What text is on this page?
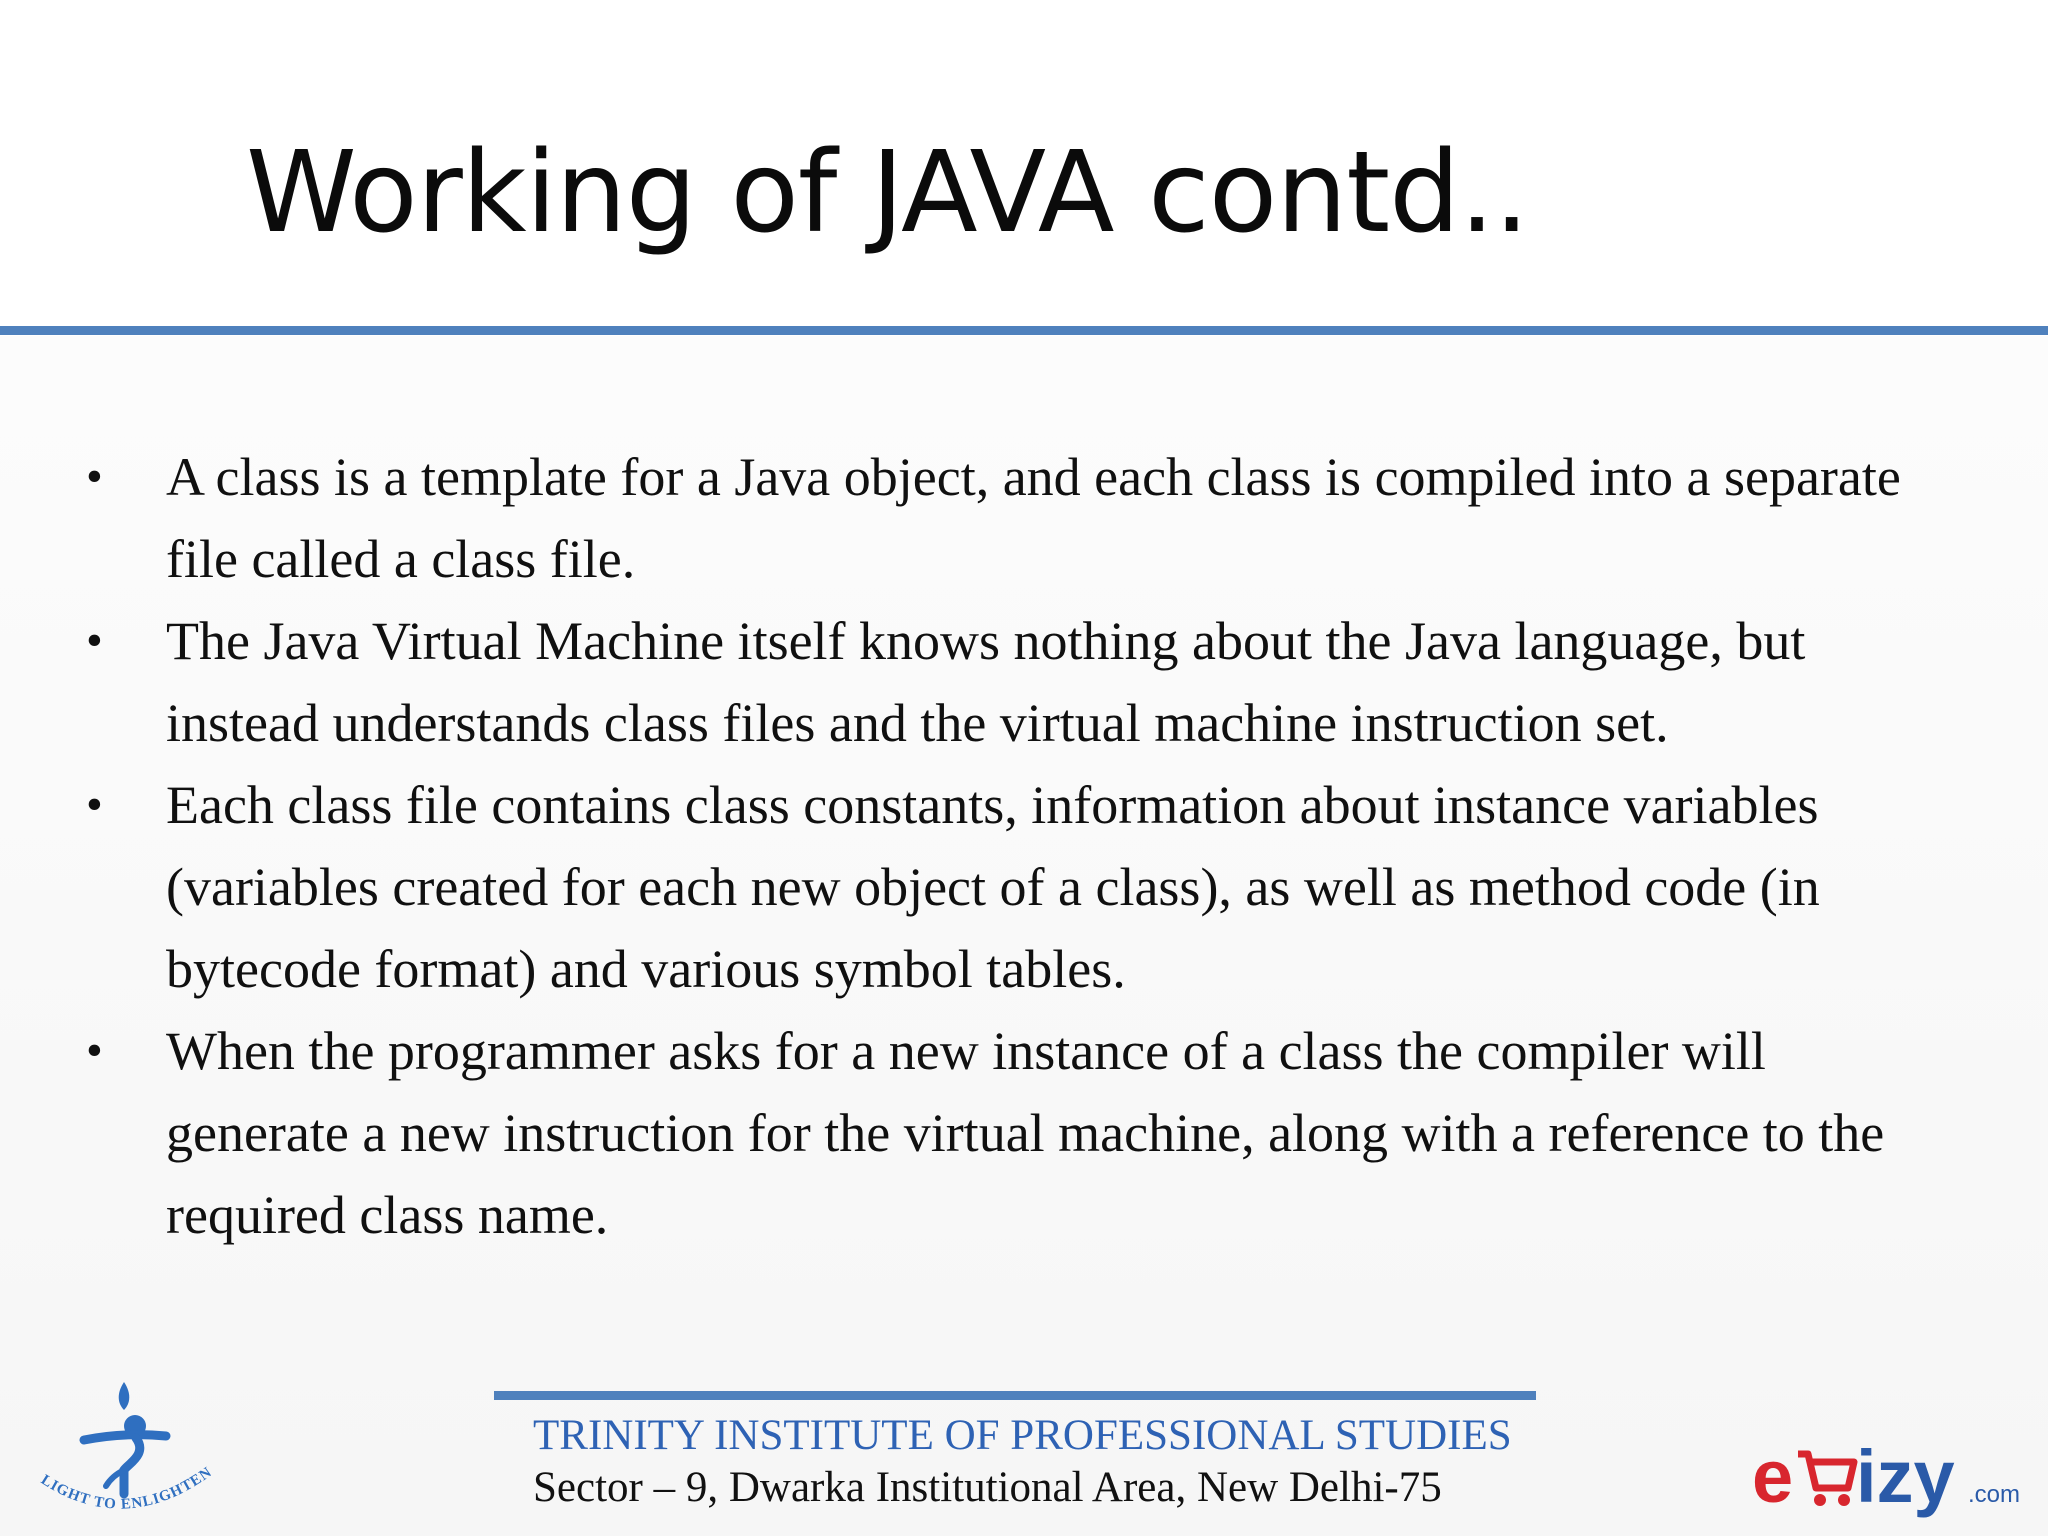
Working of JAVA contd..
• A class is a template for a Java object, and each class is compiled into a separate file called a class file.
• The Java Virtual Machine itself knows nothing about the Java language, but instead understands class files and the virtual machine instruction set.
• Each class file contains class constants, information about instance variables (variables created for each new object of a class), as well as method code (in bytecode format) and various symbol tables.
• When the programmer asks for a new instance of a class the compiler will generate a new instruction for the virtual machine, along with a reference to the required class name.
TRINITY INSTITUTE OF PROFESSIONAL STUDIES
Sector – 9, Dwarka Institutional Area, New Delhi-75
LIGHT TO ENLIGHTEN	e izy .com
